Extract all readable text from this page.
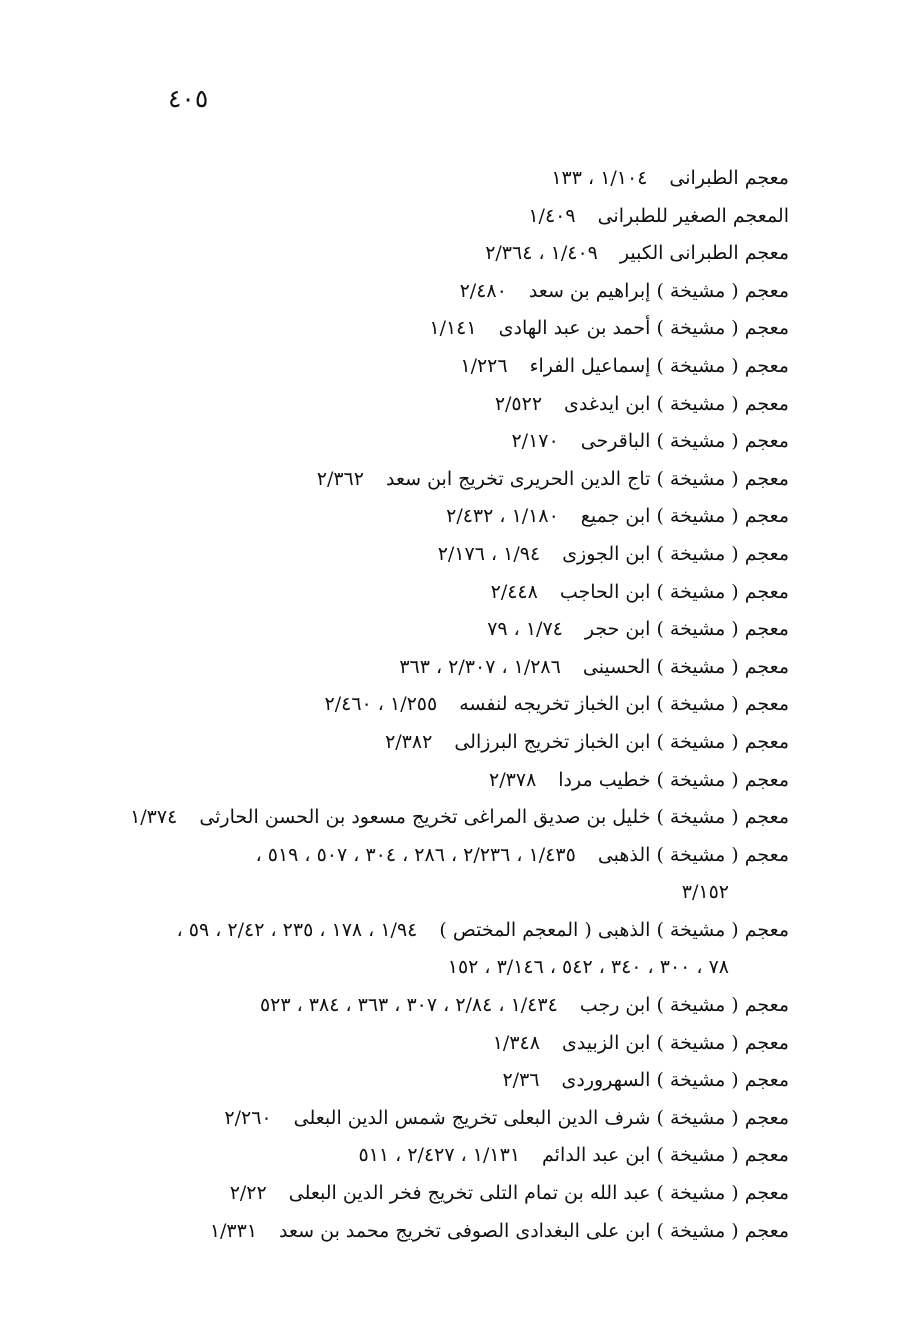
٤٠٥
معجم الطبرانى١/١٠٤ ، ١٣٣
المعجم الصغير للطبرانى١/٤٠٩
معجم الطبرانى الكبير١/٤٠٩ ، ٢/٣٦٤
معجم ( مشيخة ) إبراهيم بن سعد٢/٤٨٠
معجم ( مشيخة ) أحمد بن عبد الهادى١/١٤١
معجم ( مشيخة ) إسماعيل الفراء١/٢٢٦
معجم ( مشيخة ) ابن ايدغدى٢/٥٢٢
معجم ( مشيخة ) الباقرحى٢/١٧٠
معجم ( مشيخة ) تاج الدين الحريرى تخريج ابن سعد٢/٣٦٢
معجم ( مشيخة ) ابن جميع١/١٨٠ ، ٢/٤٣٢
معجم ( مشيخة ) ابن الجوزى١/٩٤ ، ٢/١٧٦
معجم ( مشيخة ) ابن الحاجب٢/٤٤٨
معجم ( مشيخة ) ابن حجر١/٧٤ ، ٧٩
معجم ( مشيخة ) الحسينى١/٢٨٦ ، ٢/٣٠٧ ، ٣٦٣
معجم ( مشيخة ) ابن الخباز تخريجه لنفسه١/٢٥٥ ، ٢/٤٦٠
معجم ( مشيخة ) ابن الخباز تخريج البرزالى٢/٣٨٢
معجم ( مشيخة ) خطيب مردا٢/٣٧٨
معجم ( مشيخة ) خليل بن صديق المراغى تخريج مسعود بن الحسن الحارثى١/٣٧٤
معجم ( مشيخة ) الذهبى١/٤٣٥ ، ٢/٢٣٦ ، ٢٨٦ ، ٣٠٤ ، ٥٠٧ ، ٥١٩ ،
٣/١٥٢
معجم ( مشيخة ) الذهبى ( المعجم المختص )١/٩٤ ، ١٧٨ ، ٢٣٥ ، ٢/٤٢ ، ٥٩ ،
٧٨ ، ٣٠٠ ، ٣٤٠ ، ٥٤٢ ، ٣/١٤٦ ، ١٥٢
معجم ( مشيخة ) ابن رجب١/٤٣٤ ، ٢/٨٤ ، ٣٠٧ ، ٣٦٣ ، ٣٨٤ ، ٥٢٣
معجم ( مشيخة ) ابن الزبيدى١/٣٤٨
معجم ( مشيخة ) السهروردى٢/٣٦
معجم ( مشيخة ) شرف الدين البعلى تخريج شمس الدين البعلى٢/٢٦٠
معجم ( مشيخة ) ابن عبد الدائم١/١٣١ ، ٢/٤٢٧ ، ٥١١
معجم ( مشيخة ) عبد الله بن تمام التلى تخريج فخر الدين البعلى٢/٢٢
معجم ( مشيخة ) ابن على البغدادى الصوفى تخريج محمد بن سعد١/٣٣١
